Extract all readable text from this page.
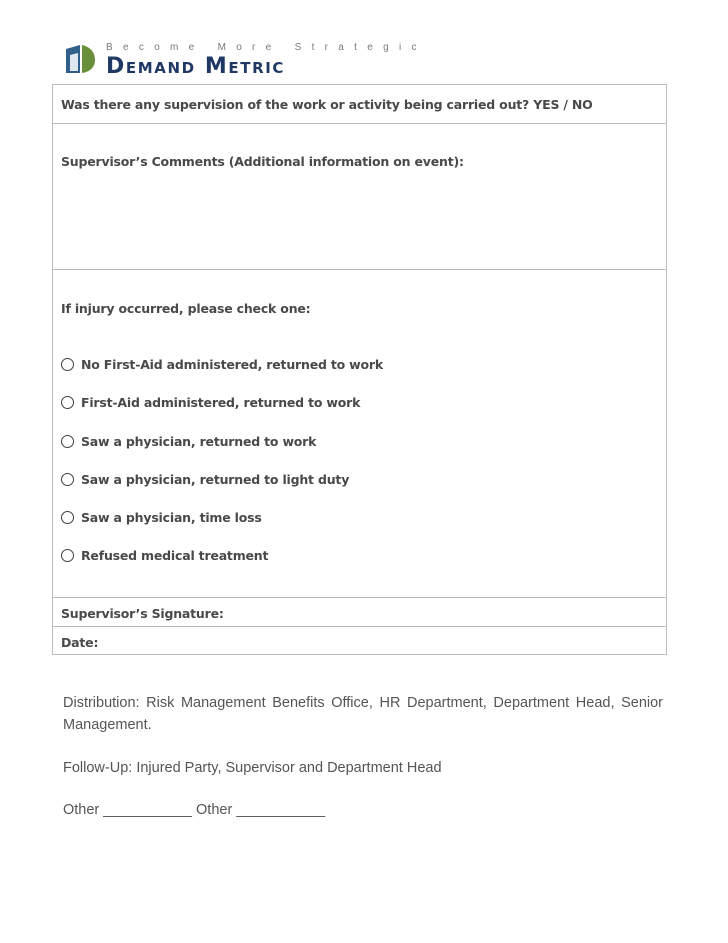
Become More Strategic
Demand Metric
Was there any supervision of the work or activity being carried out? YES / NO
Supervisor’s Comments (Additional information on event):
If injury occurred, please check one:
No First-Aid administered, returned to work
First-Aid administered, returned to work
Saw a physician, returned to work
Saw a physician, returned to light duty
Saw a physician, time loss
Refused medical treatment
Supervisor’s Signature:
Date:
Distribution: Risk Management Benefits Office, HR Department, Department Head, Senior Management.
Follow-Up: Injured Party, Supervisor and Department Head
Other ___________ Other ___________
